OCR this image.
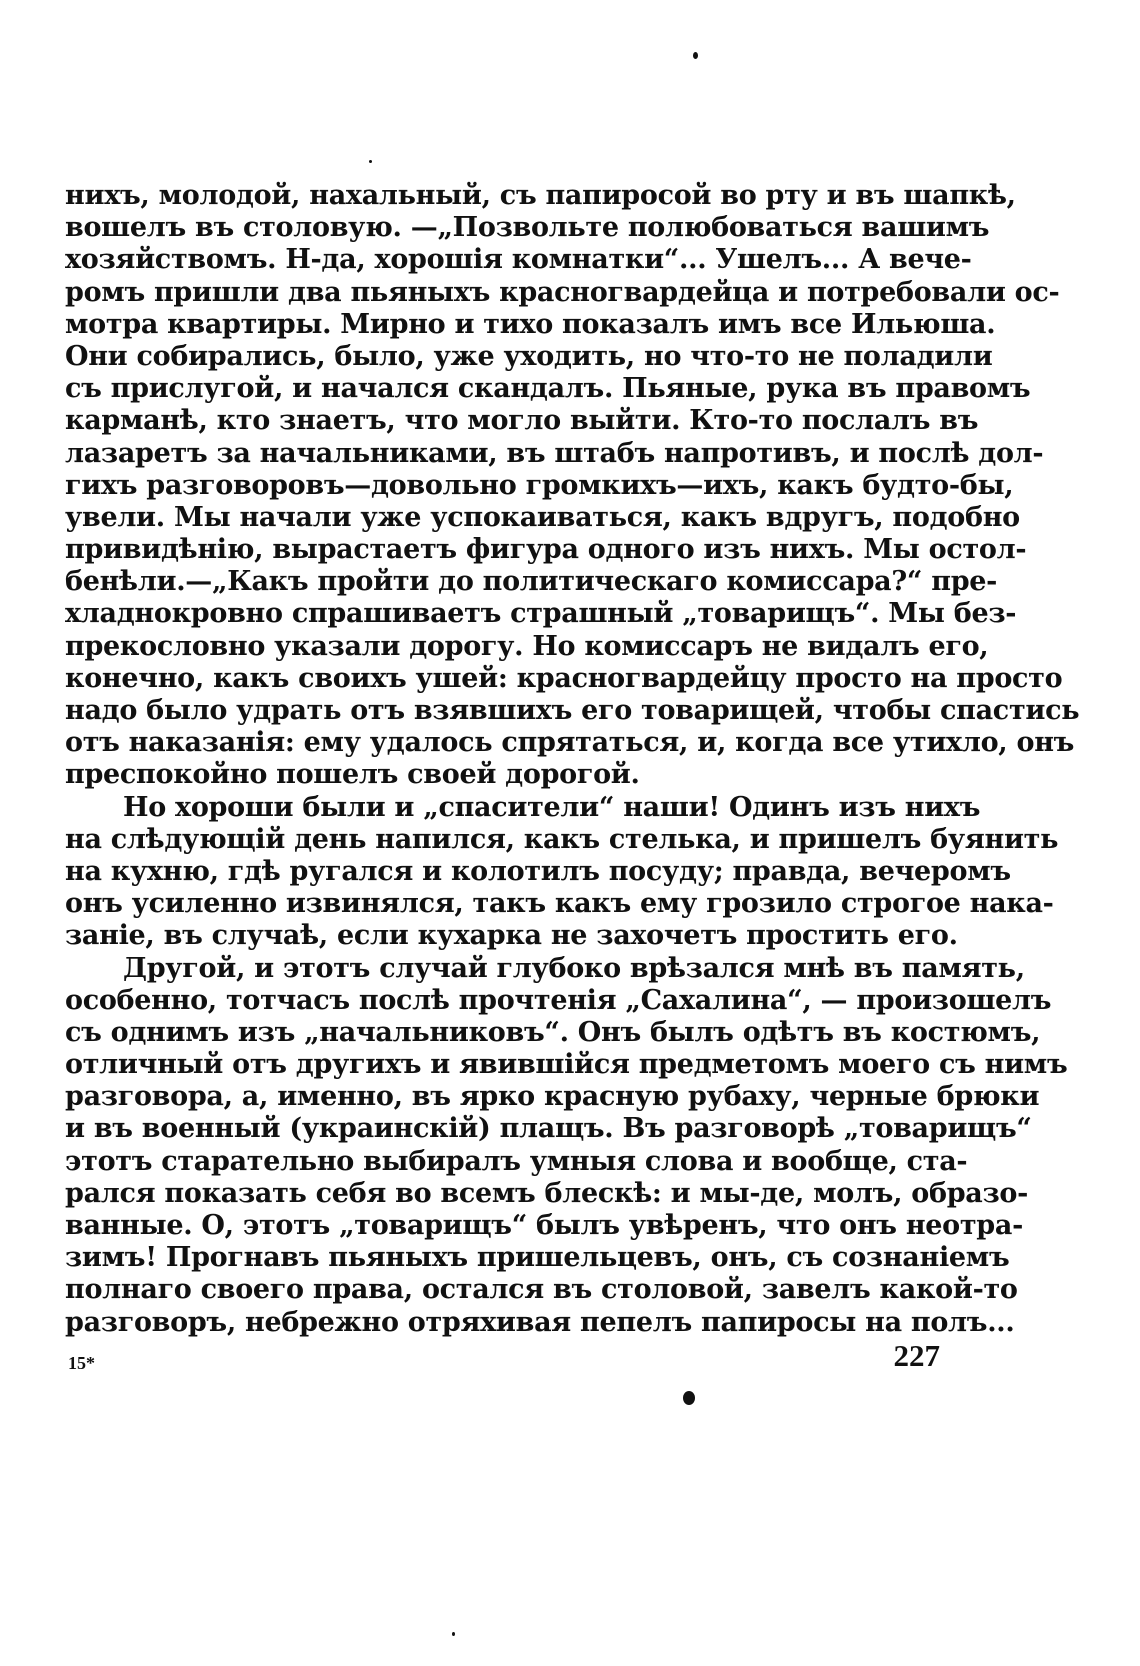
нихъ, молодой, нахальный, съ папиросой во рту и въ шапкѣ,
вошелъ въ столовую. —„Позвольте полюбоваться вашимъ
хозяйствомъ. Н-да, хорошія комнатки“... Ушелъ... А вече-
ромъ пришли два пьяныхъ красногвардейца и потребовали ос-
мотра квартиры. Мирно и тихо показалъ имъ все Ильюша.
Они собирались, было, уже уходить, но что-то не поладили
съ прислугой, и начался скандалъ. Пьяные, рука въ правомъ
карманѣ, кто знаетъ, что могло выйти. Кто-то послалъ въ
лазаретъ за начальниками, въ штабъ напротивъ, и послѣ дол-
гихъ разговоровъ—довольно громкихъ—ихъ, какъ будто-бы,
увели. Мы начали уже успокаиваться, какъ вдругъ, подобно
привидѣнію, вырастаетъ фигура одного изъ нихъ. Мы остол-
бенѣли.—„Какъ пройти до политическаго комиссара?“ пре-
хладнокровно спрашиваетъ страшный „товарищъ“. Мы без-
прекословно указали дорогу. Но комиссаръ не видалъ его,
конечно, какъ своихъ ушей: красногвардейцу просто на просто
надо было удрать отъ взявшихъ его товарищей, чтобы спастись
отъ наказанія: ему удалось спрятаться, и, когда все утихло, онъ
преспокойно пошелъ своей дорогой.
Но хороши были и „спасители“ наши! Одинъ изъ нихъ
на слѣдующій день напился, какъ стелька, и пришелъ буянить
на кухню, гдѣ ругался и колотилъ посуду; правда, вечеромъ
онъ усиленно извинялся, такъ какъ ему грозило строгое нака-
заніе, въ случаѣ, если кухарка не захочетъ простить его.
Другой, и этотъ случай глубоко врѣзался мнѣ въ память,
особенно, тотчасъ послѣ прочтенія „Сахалина“, — произошелъ
съ однимъ изъ „начальниковъ“. Онъ былъ одѣтъ въ костюмъ,
отличный отъ другихъ и явившійся предметомъ моего съ нимъ
разговора, а, именно, въ ярко красную рубаху, черные брюки
и въ военный (украинскій) плащъ. Въ разговорѣ „товарищъ“
этотъ старательно выбиралъ умныя слова и вообще, ста-
рался показать себя во всемъ блескѣ: и мы-де, молъ, образо-
ванные. О, этотъ „товарищъ“ былъ увѣренъ, что онъ неотра-
зимъ! Прогнавъ пьяныхъ пришельцевъ, онъ, съ сознаніемъ
полнаго своего права, остался въ столовой, завелъ какой-то
разговоръ, небрежно отряхивая пепелъ папиросы на полъ...
15*	227
